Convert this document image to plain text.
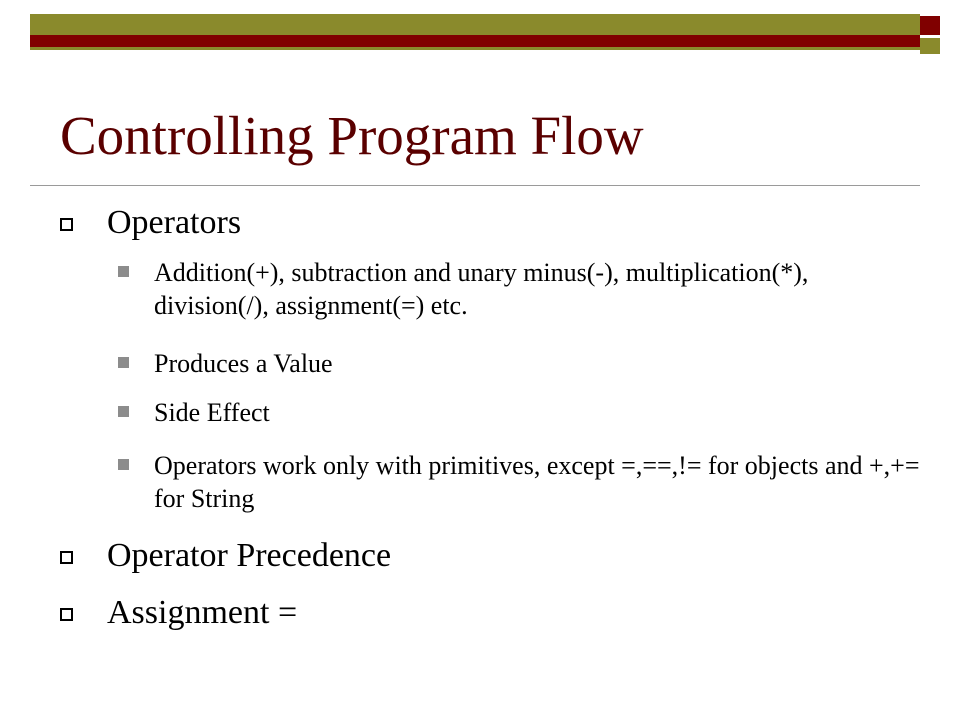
Controlling Program Flow
Operators
Addition(+), subtraction and unary minus(-), multiplication(*), division(/), assignment(=) etc.
Produces a Value
Side Effect
Operators work only with primitives, except =,==,!= for objects and +,+= for String
Operator Precedence
Assignment =
